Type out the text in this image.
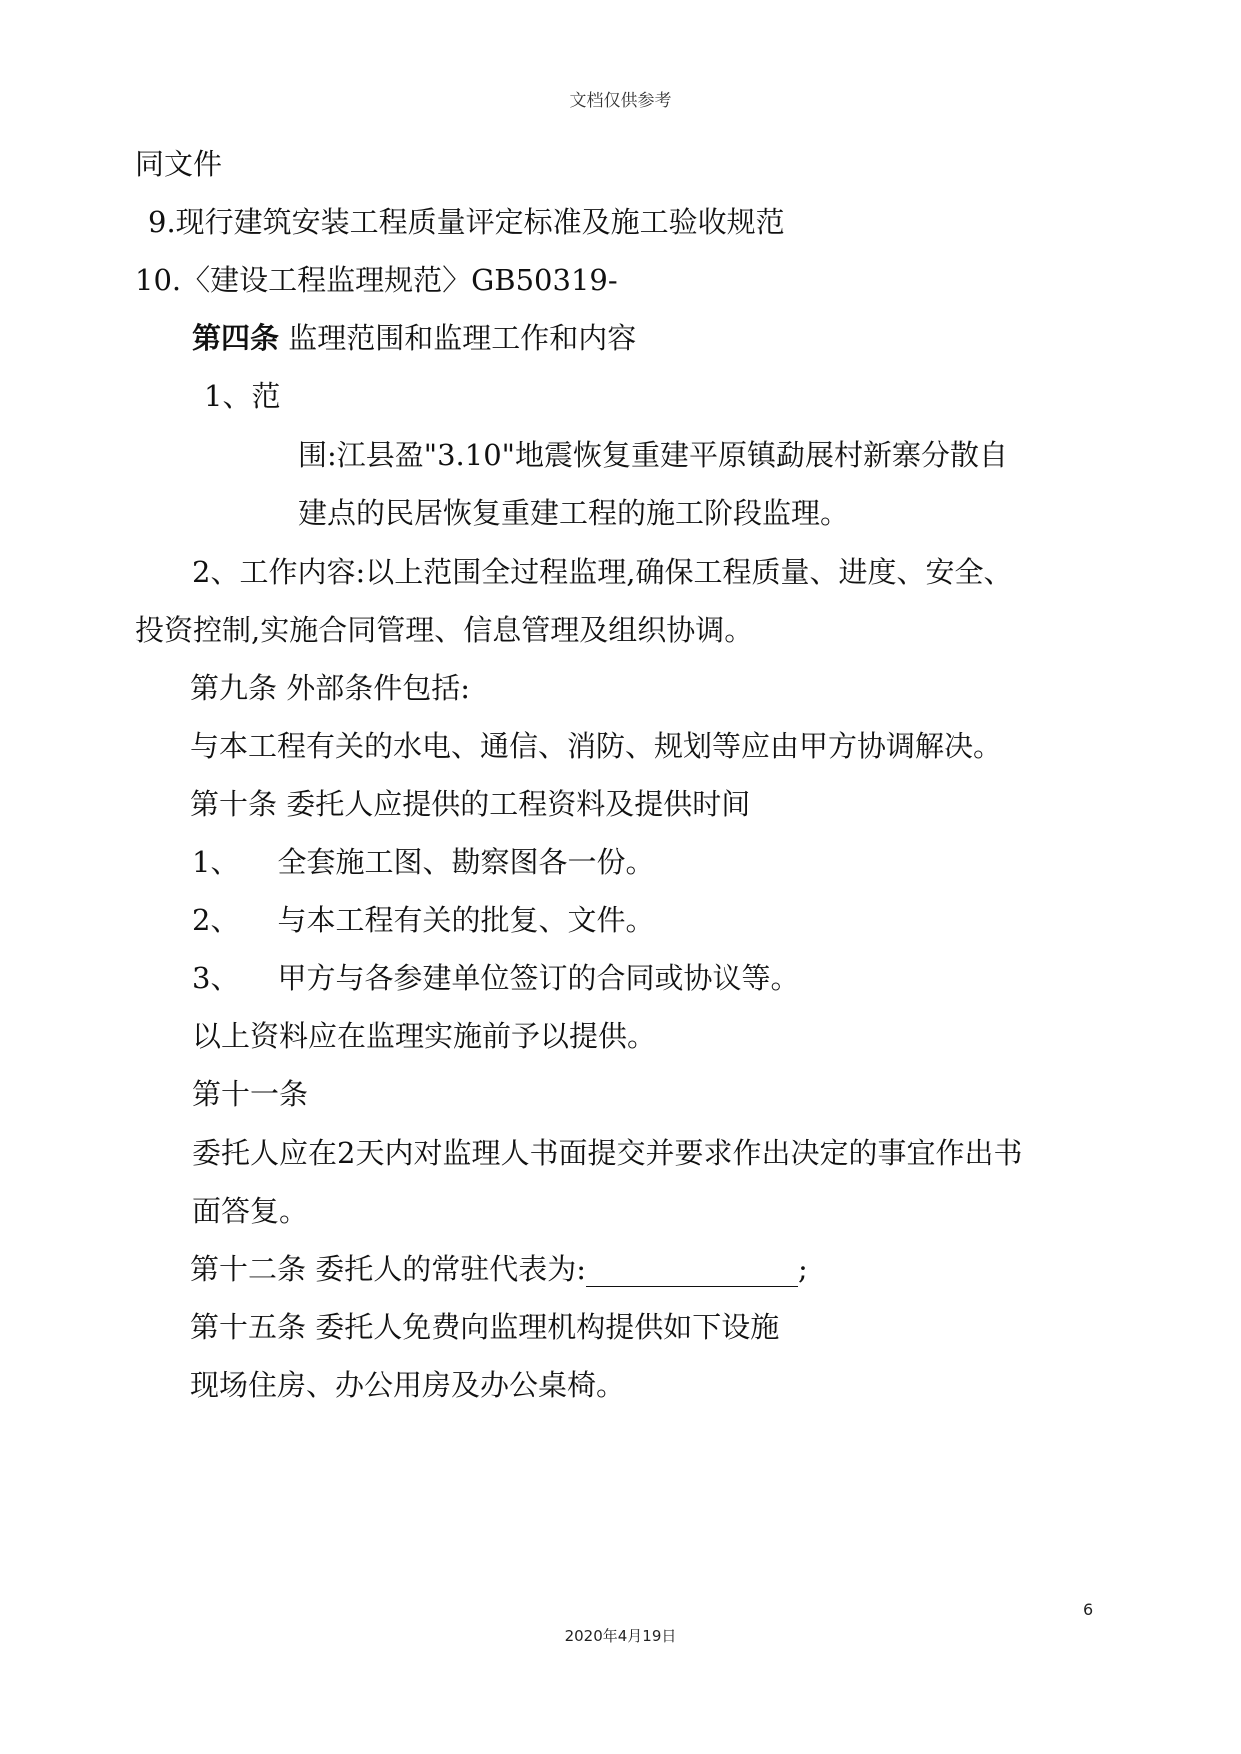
文档仅供参考
同文件
9.现行建筑安装工程质量评定标准及施工验收规范
10.〈建设工程监理规范〉GB50319-
第四条 监理范围和监理工作和内容
1、范
围:江县盈"3.10"地震恢复重建平原镇勐展村新寨分散自
建点的民居恢复重建工程的施工阶段监理。
2、工作内容:以上范围全过程监理,确保工程质量、进度、安全、
投资控制,实施合同管理、信息管理及组织协调。
第九条 外部条件包括:
与本工程有关的水电、通信、消防、规划等应由甲方协调解决。
第十条 委托人应提供的工程资料及提供时间
1、 全套施工图、勘察图各一份。
2、 与本工程有关的批复、文件。
3、 甲方与各参建单位签订的合同或协议等。
以上资料应在监理实施前予以提供。
第十一条
委托人应在2天内对监理人书面提交并要求作出决定的事宜作出书
面答复。
第十二条 委托人的常驻代表为:	;
第十五条 委托人免费向监理机构提供如下设施
现场住房、办公用房及办公桌椅。
6
2020年4月19日
